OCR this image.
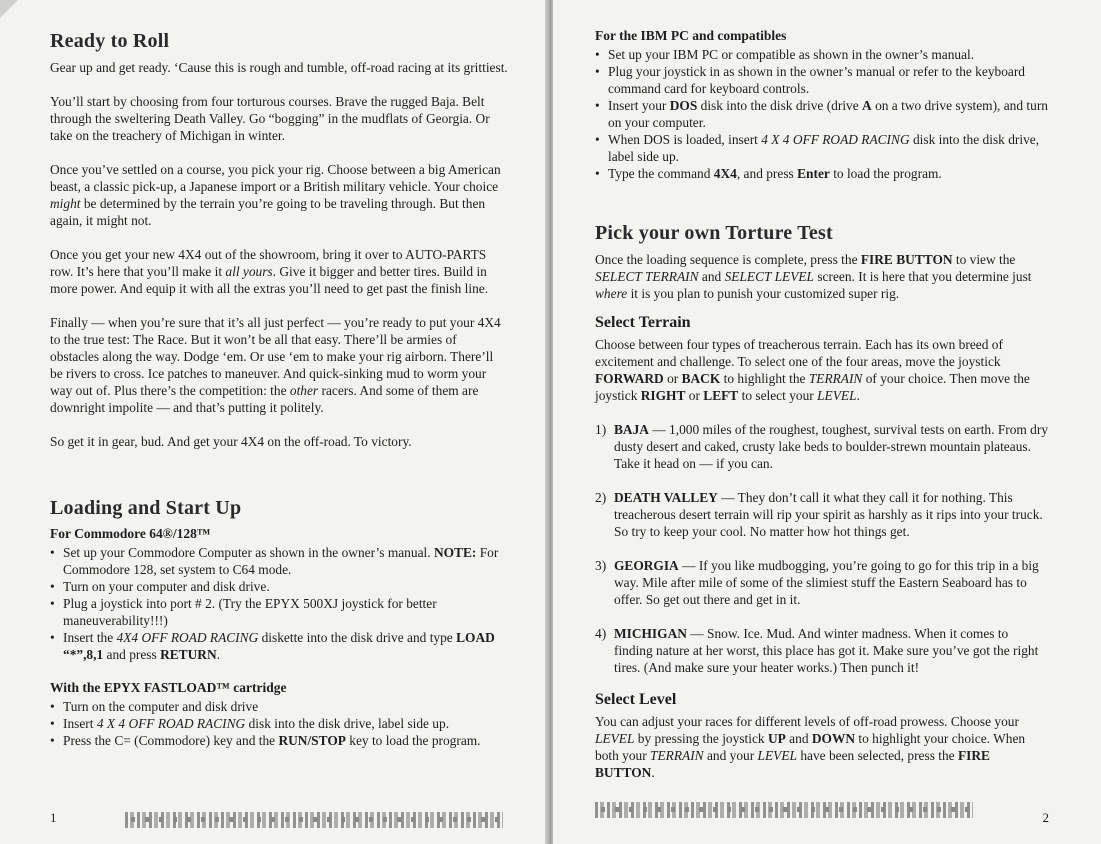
Ready to Roll

Gear up and get ready. ‘Cause this is rough and tumble, off-road racing at its grittiest.

You’ll start by choosing from four torturous courses. Brave the rugged Baja. Belt through the sweltering Death Valley. Go “bogging” in the mudflats of Georgia. Or take on the treachery of Michigan in winter.

Once you’ve settled on a course, you pick your rig. Choose between a big American beast, a classic pick-up, a Japanese import or a British military vehicle. Your choice might be determined by the terrain you’re going to be traveling through. But then again, it might not.

Once you get your new 4X4 out of the showroom, bring it over to AUTO-PARTS row. It’s here that you’ll make it all yours. Give it bigger and better tires. Build in more power. And equip it with all the extras you’ll need to get past the finish line.

Finally — when you’re sure that it’s all just perfect — you’re ready to put your 4X4 to the true test: The Race. But it won’t be all that easy. There’ll be armies of obstacles along the way. Dodge ‘em. Or use ‘em to make your rig airborn. There’ll be rivers to cross. Ice patches to maneuver. And quick-sinking mud to worm your way out of. Plus there’s the competition: the other racers. And some of them are downright impolite — and that’s putting it politely.

So get it in gear, bud. And get your 4X4 on the off-road. To victory.

Loading and Start Up
For Commodore 64®/128™
• Set up your Commodore Computer as shown in the owner’s manual. NOTE: For Commodore 128, set system to C64 mode.
• Turn on your computer and disk drive.
• Plug a joystick into port # 2. (Try the EPYX 500XJ joystick for better maneuverability!!!)
• Insert the 4X4 OFF ROAD RACING diskette into the disk drive and type LOAD “*”,8,1 and press RETURN.
With the EPYX FASTLOAD™ cartridge
• Turn on the computer and disk drive
• Insert 4 X 4 OFF ROAD RACING disk into the disk drive, label side up.
• Press the C= (Commodore) key and the RUN/STOP key to load the program.
1
For the IBM PC and compatibles
• Set up your IBM PC or compatible as shown in the owner’s manual.
• Plug your joystick in as shown in the owner’s manual or refer to the keyboard command card for keyboard controls.
• Insert your DOS disk into the disk drive (drive A on a two drive system), and turn on your computer.
• When DOS is loaded, insert 4 X 4 OFF ROAD RACING disk into the disk drive, label side up.
• Type the command 4X4, and press Enter to load the program.
Pick your own Torture Test

Once the loading sequence is complete, press the FIRE BUTTON to view the SELECT TERRAIN and SELECT LEVEL screen. It is here that you determine just where it is you plan to punish your customized super rig.

Select Terrain

Choose between four types of treacherous terrain. Each has its own breed of excitement and challenge. To select one of the four areas, move the joystick FORWARD or BACK to highlight the TERRAIN of your choice. Then move the joystick RIGHT or LEFT to select your LEVEL.

1) BAJA — 1,000 miles of the roughest, toughest, survival tests on earth. From dry dusty desert and caked, crusty lake beds to boulder-strewn mountain plateaus. Take it head on — if you can.
2) DEATH VALLEY — They don’t call it what they call it for nothing. This treacherous desert terrain will rip your spirit as harshly as it rips into your truck. So try to keep your cool. No matter how hot things get.
3) GEORGIA — If you like mudbogging, you’re going to go for this trip in a big way. Mile after mile of some of the slimiest stuff the Eastern Seaboard has to offer. So get out there and get in it.
4) MICHIGAN — Snow. Ice. Mud. And winter madness. When it comes to finding nature at her worst, this place has got it. Make sure you’ve got the right tires. (And make sure your heater works.) Then punch it!
Select Level

You can adjust your races for different levels of off-road prowess. Choose your LEVEL by pressing the joystick UP and DOWN to highlight your choice. When both your TERRAIN and your LEVEL have been selected, press the FIRE BUTTON.

2
